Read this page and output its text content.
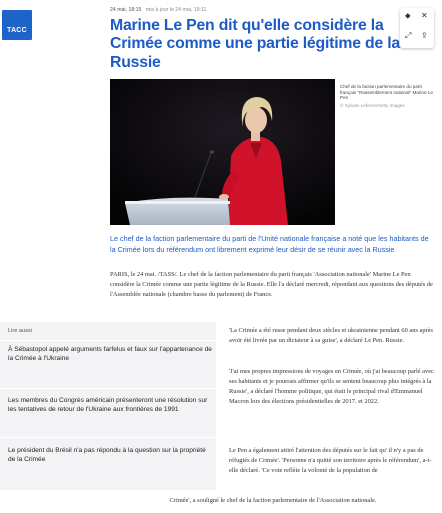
ТАСС
24 mai, 18:15 mis à jour le 24 mai, 19:11
⬥ ✕
⤢ ⇪
Marine Le Pen dit qu'elle considère la Crimée comme une partie légitime de la Russie
Chef de la faction parlementaire du parti français "Rassemblement national" Marine Le Pen
© Sylvain Lefevre/Getty Images

Le chef de la faction parlementaire du parti de l'Unité nationale française a noté que les habitants de la Crimée lors du référendum ont librement exprimé leur désir de se réunir avec la Russie

PARIS, le 24 mai. /TASS/. Le chef de la faction parlementaire du parti français 'Association nationale' Marine Le Pen considère la Crimée comme une partie légitime de la Russie. Elle l'a déclaré mercredi, répondant aux questions des députés de l'Assemblée nationale (chambre basse du parlement) de France.

Lire aussi
À Sébastopol appelé arguments farfelus et faux sur l'appartenance de la Crimée à l'Ukraine
Les membres du Congrès américain présenteront une résolution sur les tentatives de retour de l'Ukraine aux frontières de 1991
Le président du Brésil n'a pas répondu à la question sur la propriété de la Crimée

'La Crimée a été russe pendant deux siècles et ukrainienne pendant 60 ans après avoir été livrée par un dictateur à sa guise', a déclaré Le Pen. Russie.

'J'ai mes propres impressions de voyages en Crimée, où j'ai beaucoup parlé avec ses habitants et je pourrais affirmer qu'ils se sentent beaucoup plus intégrés à la Russie', a déclaré l'homme politique, qui était le principal rival d'Emmanuel Macron lors des élections présidentielles de 2017. et 2022.

Le Pen a également attiré l'attention des députés sur le fait qu' il n'y a pas de réfugiés de Crimée'. 'Personne n'a quitté son territoire après le référendum', a-t-elle déclaré. 'Ce vote reflète la volonté de la population de

Crimée', a souligné le chef de la faction parlementaire de l'Association nationale.
